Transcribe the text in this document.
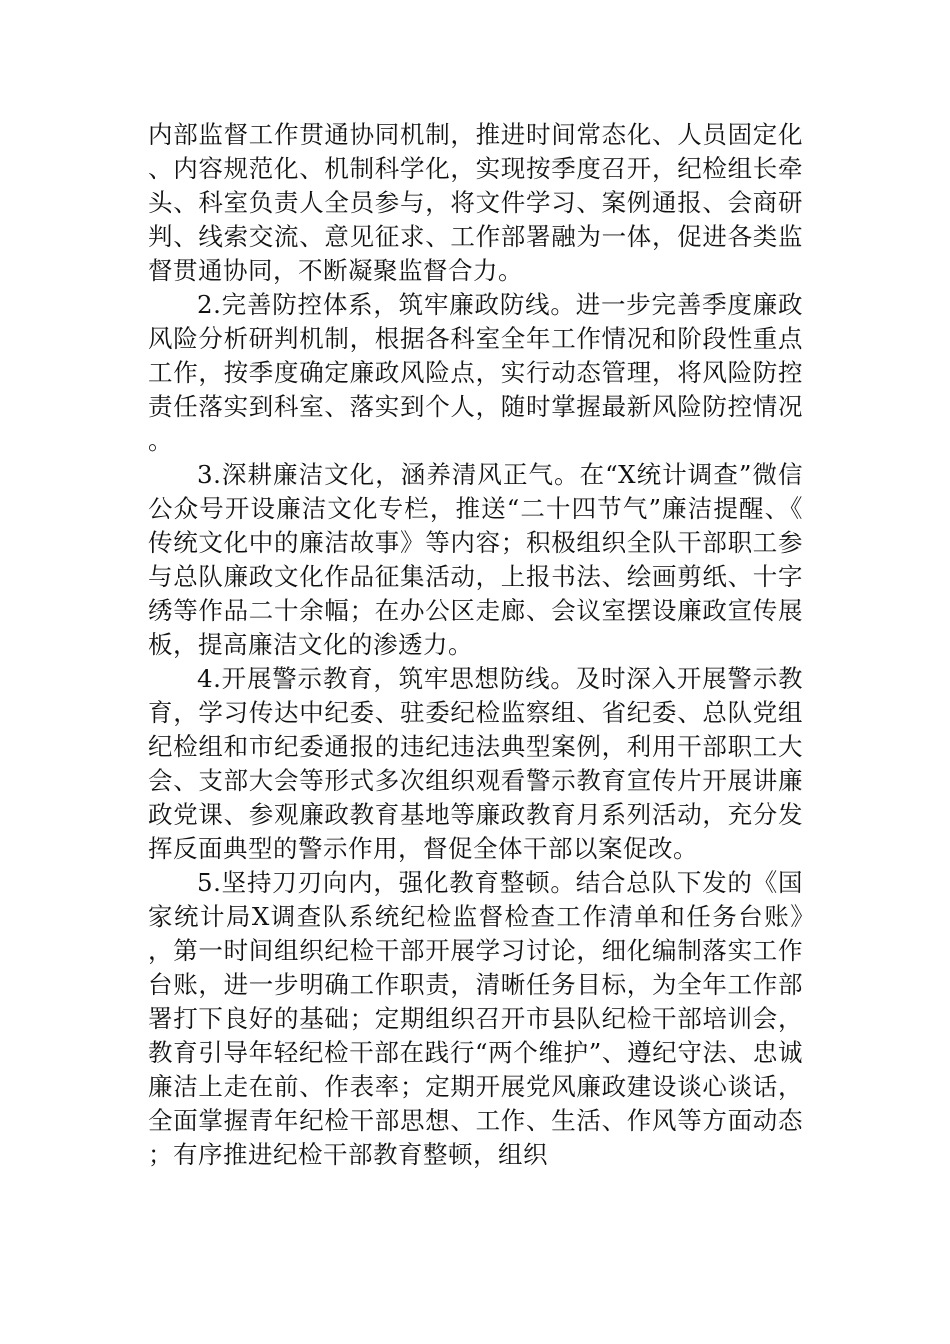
内部监督工作贯通协同机制，推进时间常态化、人员固定化、内容规范化、机制科学化，实现按季度召开，纪检组长牵头、科室负责人全员参与，将文件学习、案例通报、会商研判、线索交流、意见征求、工作部署融为一体，促进各类监督贯通协同，不断凝聚监督合力。

2.完善防控体系，筑牢廉政防线。进一步完善季度廉政风险分析研判机制，根据各科室全年工作情况和阶段性重点工作，按季度确定廉政风险点，实行动态管理，将风险防控责任落实到科室、落实到个人，随时掌握最新风险防控情况。

3.深耕廉洁文化，涵养清风正气。在“X统计调查”微信公众号开设廉洁文化专栏，推送“二十四节气”廉洁提醒、《传统文化中的廉洁故事》等内容；积极组织全队干部职工参与总队廉政文化作品征集活动，上报书法、绘画剪纸、十字绣等作品二十余幅；在办公区走廊、会议室摆设廉政宣传展板，提高廉洁文化的渗透力。

4.开展警示教育，筑牢思想防线。及时深入开展警示教育，学习传达中纪委、驻委纪检监察组、省纪委、总队党组纪检组和市纪委通报的违纪违法典型案例，利用干部职工大会、支部大会等形式多次组织观看警示教育宣传片开展讲廉政党课、参观廉政教育基地等廉政教育月系列活动，充分发挥反面典型的警示作用，督促全体干部以案促改。

5.坚持刀刃向内，强化教育整顿。结合总队下发的《国家统计局X调查队系统纪检监督检查工作清单和任务台账》，第一时间组织纪检干部开展学习讨论，细化编制落实工作台账，进一步明确工作职责，清晰任务目标，为全年工作部署打下良好的基础；定期组织召开市县队纪检干部培训会，教育引导年轻纪检干部在践行“两个维护”、遵纪守法、忠诚廉洁上走在前、作表率；定期开展党风廉政建设谈心谈话，全面掌握青年纪检干部思想、工作、生活、作风等方面动态；有序推进纪检干部教育整顿，组织
